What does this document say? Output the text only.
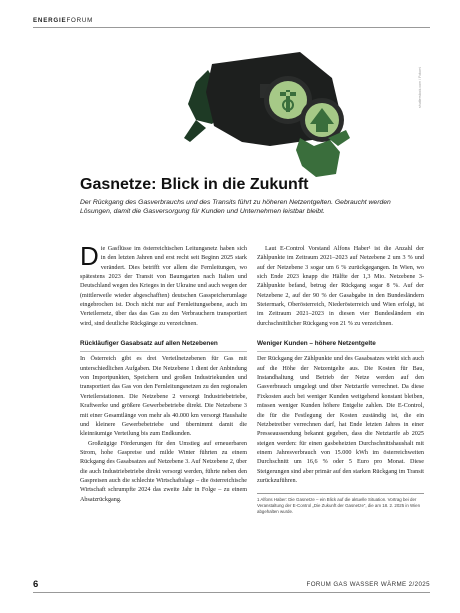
ENERGIEFORUM
shutterstock.com / Fotomi
Gasnetze: Blick in die Zukunft
Der Rückgang des Gasverbrauchs und des Transits führt zu höheren Netzentgelten. Gebraucht werden Lösungen, damit die Gasversorgung für Kunden und Unternehmen leistbar bleibt.

Die Gasflüsse im österreichischen Leitungsnetz haben sich in den letzten Jahren und erst recht seit Beginn 2025 stark verändert. Dies betrifft vor allem die Fernleitungen, wo spätestens 2023 der Transit von Baumgarten nach Italien und Deutschland wegen des Krieges in der Ukraine und auch wegen der (mittlerweile wieder abgeschafften) deutschen Gasspeicherumlage eingebrochen ist. Doch nicht nur auf Fernleitungsebene, auch im Verteilernetz, über das das Gas zu den Verbrauchern transportiert wird, sind deutliche Rückgänge zu verzeichnen.

Rückläufiger Gasabsatz auf allen Netzebenen

In Österreich gibt es drei Verteilnetzebenen für Gas mit unterschiedlichen Aufgaben. Die Netzebene 1 dient der Anbindung von Importpunkten, Speichern und großen Industriekunden und transportiert das Gas von den Fernleitungsnetzen zu den regionalen Verteilerstationen. Die Netzebene 2 versorgt Industriebetriebe, Kraftwerke und größere Gewerbebetriebe direkt. Die Netzebene 3 mit einer Gesamtlänge von mehr als 40.000 km versorgt Haushalte und kleinere Gewerbebetriebe und übernimmt damit die kleinräumige Verteilung bis zum Endkunden.

Großzügige Förderungen für den Umstieg auf erneuerbaren Strom, hohe Gaspreise und milde Winter führten zu einem Rückgang des Gasabsatzes auf Netzebene 3. Auf Netzebene 2, über die auch Industriebetriebe direkt versorgt werden, führte neben den Gaspreisen auch die schlechte Wirtschaftslage – die österreichische Wirtschaft schrumpfte 2024 das zweite Jahr in Folge – zu einem Absatzrückgang.

Laut E-Control Vorstand Alfons Haber¹ ist die Anzahl der Zählpunkte im Zeitraum 2021–2023 auf Netzebene 2 um 3 % und auf der Netzebene 3 sogar um 6 % zurückgegangen. In Wien, wo sich Ende 2023 knapp die Hälfte der 1,3 Mio. Netzebene 3-Zählpunkte befand, betrug der Rückgang sogar 8 %. Auf der Netzebene 2, auf der 90 % der Gasabgabe in den Bundesländern Steiermark, Oberösterreich, Niederösterreich und Wien erfolgt, ist im Zeitraum 2021–2023 in diesen vier Bundesländern ein durchschnittlicher Rückgang von 21 % zu verzeichnen.

Weniger Kunden – höhere Netzentgelte

Der Rückgang der Zählpunkte und des Gasabsatzes wirkt sich auch auf die Höhe der Netzentgelte aus. Die Kosten für Bau, Instandhaltung und Betrieb der Netze werden auf den Gasverbrauch umgelegt und über Netztarife verrechnet. Da diese Fixkosten auch bei weniger Kunden weitgehend konstant bleiben, müssen weniger Kunden höhere Entgelte zahlen. Die E-Control, die für die Festlegung der Kosten zuständig ist, die ein Netzbetreiber verrechnen darf, hat Ende letzten Jahres in einer Presseaussendung bekannt gegeben, dass die Netztarife ab 2025 steigen werden: für einen gasbeheizten Durchschnittshaushalt mit einem Jahresverbrauch von 15.000 kWh im österreichweiten Durchschnitt um 16,6 % oder 5 Euro pro Monat. Diese Steigerungen sind aber primär auf den starken Rückgang im Transit zurückzuführen.

1 Alfons Haber: Die Gasnetze – ein Blick auf die aktuelle Situation. Vortrag bei der Veranstaltung der E-Control „Die Zukunft der Gasnetze“, die am 18. 2. 2025 in Wien abgehalten wurde.
6	FORUM GAS WASSER WÄRME 2/2025
